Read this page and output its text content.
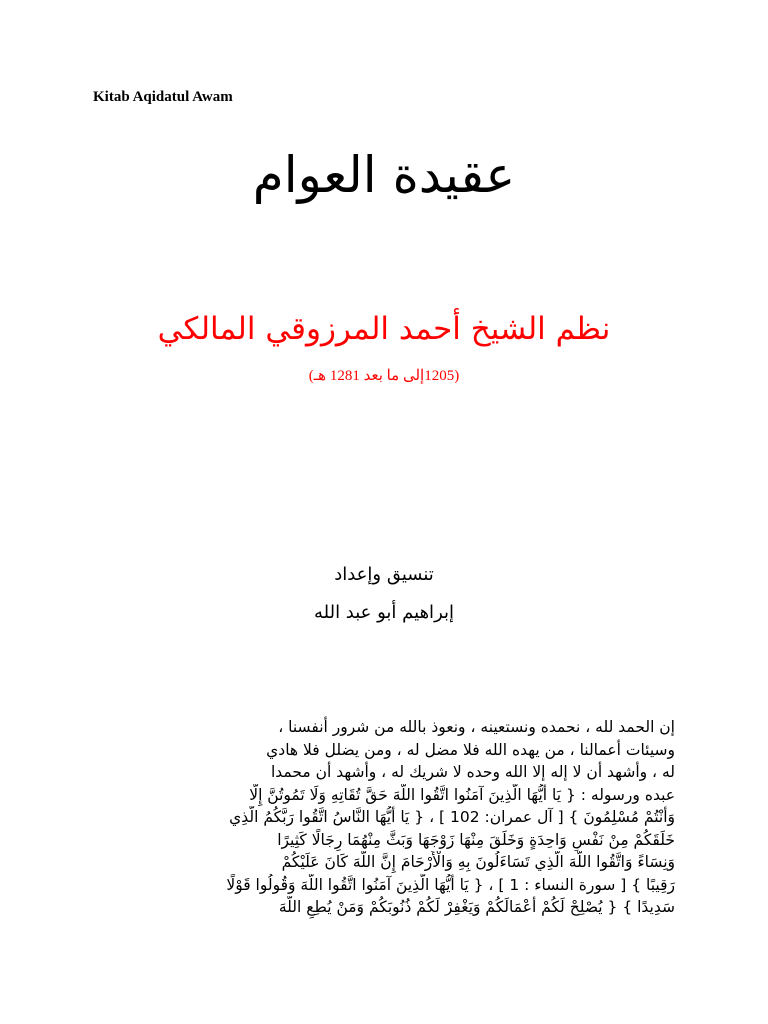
Kitab Aqidatul Awam
عقيدة العوام
نظم الشيخ أحمد المرزوقي المالكي
(1205إلى ما بعد 1281 هـ)
تنسيق وإعداد
إبراهيم أبو عبد الله
إن الحمد لله ، نحمده ونستعينه ، ونعوذ بالله من شرور أنفسنا ،
وسيئات أعمالنا ، من يهده الله فلا مضل له ، ومن يضلل فلا هادي
له ، وأشهد أن لا إله إلا الله وحده لا شريك له ، وأشهد أن محمدا
عبده ورسوله : { يَا أَيُّهَا الَّذِينَ آمَنُوا اتَّقُوا اللَّهَ حَقَّ تُقَاتِهِ وَلَا تَمُوتُنَّ إِلَّا
وَأَنْتُمْ مُسْلِمُونَ } [ آل عمران: 102 ] ، { يَا أَيُّهَا النَّاسُ اتَّقُوا رَبَّكُمُ الَّذِي
خَلَقَكُمْ مِنْ نَفْسٍ وَاحِدَةٍ وَخَلَقَ مِنْهَا زَوْجَهَا وَبَثَّ مِنْهُمَا رِجَالًا كَثِيرًا
وَنِسَاءً وَاتَّقُوا اللَّهَ الَّذِي تَسَاءَلُونَ بِهِ وَالْأَرْحَامَ إِنَّ اللَّهَ كَانَ عَلَيْكُمْ
رَقِيبًا } [ سورة النساء : 1 ] ، { يَا أَيُّهَا الَّذِينَ آمَنُوا اتَّقُوا اللَّهَ وَقُولُوا قَوْلًا
سَدِيدًا } { يُصْلِحْ لَكُمْ أَعْمَالَكُمْ وَيَغْفِرْ لَكُمْ ذُنُوبَكُمْ وَمَنْ يُطِعِ اللَّهَ
